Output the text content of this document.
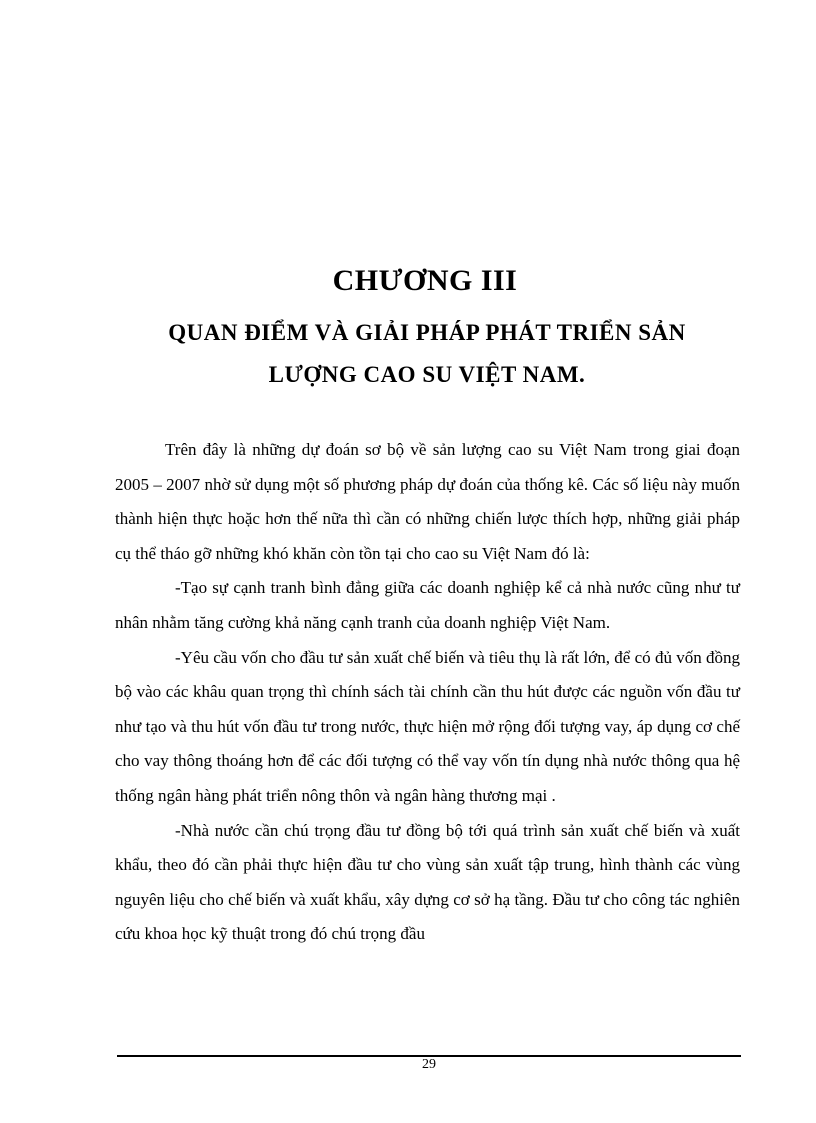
CHƯƠNG III
QUAN ĐIỂM VÀ GIẢI PHÁP PHÁT TRIỂN SẢN
LƯỢNG CAO SU VIỆT NAM.

Trên đây là những dự đoán sơ bộ về sản lượng cao su Việt Nam trong giai đoạn 2005 – 2007 nhờ sử dụng một số phương pháp dự đoán của thống kê. Các số liệu này muốn thành hiện thực hoặc hơn thế nữa thì cần có những chiến lược thích hợp, những giải pháp cụ thể tháo gỡ những khó khăn còn tồn tại cho cao su Việt Nam đó là:

-Tạo sự cạnh tranh bình đẳng giữa các doanh nghiệp kể cả nhà nước cũng như tư nhân nhằm tăng cường khả năng cạnh tranh của doanh nghiệp Việt Nam.

-Yêu cầu vốn cho đầu tư sản xuất chế biến và tiêu thụ là rất lớn, để có đủ vốn đồng bộ vào các khâu quan trọng thì chính sách tài chính cần thu hút được các nguồn vốn đầu tư như tạo và thu hút vốn đầu tư trong nước, thực hiện mở rộng đối tượng vay, áp dụng cơ chế cho vay thông thoáng hơn để các đối tượng có thể vay vốn tín dụng nhà nước thông qua hệ thống ngân hàng phát triển nông thôn và ngân hàng thương mại .

-Nhà nước cần chú trọng đầu tư đồng bộ tới quá trình sản xuất chế biến và xuất khẩu, theo đó cần phải thực hiện đầu tư cho vùng sản xuất tập trung, hình thành các vùng nguyên liệu cho chế biến và xuất khẩu, xây dựng cơ sở hạ tầng. Đầu tư cho công tác nghiên cứu khoa học kỹ thuật trong đó chú trọng đầu

29
